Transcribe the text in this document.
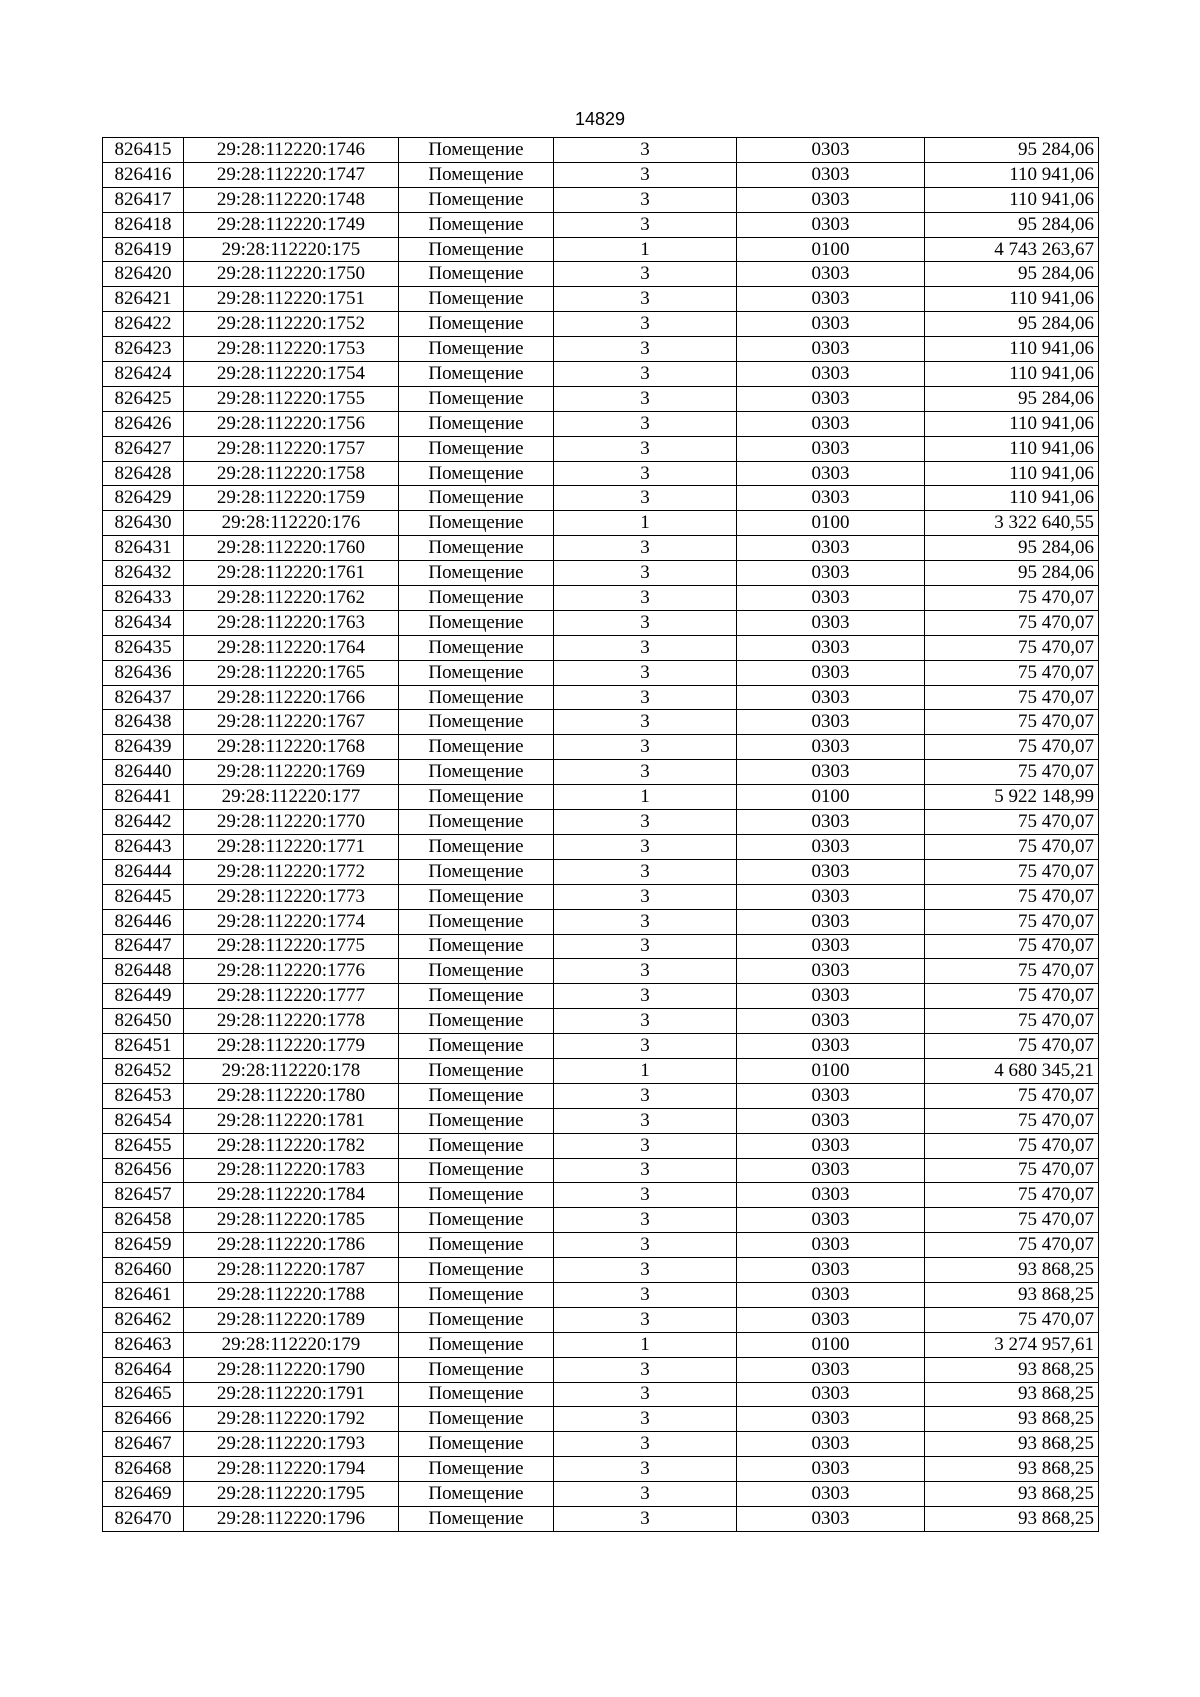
14829
826415	29:28:112220:1746	Помещение	3	0303	95 284,06
826416	29:28:112220:1747	Помещение	3	0303	110 941,06
826417	29:28:112220:1748	Помещение	3	0303	110 941,06
826418	29:28:112220:1749	Помещение	3	0303	95 284,06
826419	29:28:112220:175	Помещение	1	0100	4 743 263,67
826420	29:28:112220:1750	Помещение	3	0303	95 284,06
826421	29:28:112220:1751	Помещение	3	0303	110 941,06
826422	29:28:112220:1752	Помещение	3	0303	95 284,06
826423	29:28:112220:1753	Помещение	3	0303	110 941,06
826424	29:28:112220:1754	Помещение	3	0303	110 941,06
826425	29:28:112220:1755	Помещение	3	0303	95 284,06
826426	29:28:112220:1756	Помещение	3	0303	110 941,06
826427	29:28:112220:1757	Помещение	3	0303	110 941,06
826428	29:28:112220:1758	Помещение	3	0303	110 941,06
826429	29:28:112220:1759	Помещение	3	0303	110 941,06
826430	29:28:112220:176	Помещение	1	0100	3 322 640,55
826431	29:28:112220:1760	Помещение	3	0303	95 284,06
826432	29:28:112220:1761	Помещение	3	0303	95 284,06
826433	29:28:112220:1762	Помещение	3	0303	75 470,07
826434	29:28:112220:1763	Помещение	3	0303	75 470,07
826435	29:28:112220:1764	Помещение	3	0303	75 470,07
826436	29:28:112220:1765	Помещение	3	0303	75 470,07
826437	29:28:112220:1766	Помещение	3	0303	75 470,07
826438	29:28:112220:1767	Помещение	3	0303	75 470,07
826439	29:28:112220:1768	Помещение	3	0303	75 470,07
826440	29:28:112220:1769	Помещение	3	0303	75 470,07
826441	29:28:112220:177	Помещение	1	0100	5 922 148,99
826442	29:28:112220:1770	Помещение	3	0303	75 470,07
826443	29:28:112220:1771	Помещение	3	0303	75 470,07
826444	29:28:112220:1772	Помещение	3	0303	75 470,07
826445	29:28:112220:1773	Помещение	3	0303	75 470,07
826446	29:28:112220:1774	Помещение	3	0303	75 470,07
826447	29:28:112220:1775	Помещение	3	0303	75 470,07
826448	29:28:112220:1776	Помещение	3	0303	75 470,07
826449	29:28:112220:1777	Помещение	3	0303	75 470,07
826450	29:28:112220:1778	Помещение	3	0303	75 470,07
826451	29:28:112220:1779	Помещение	3	0303	75 470,07
826452	29:28:112220:178	Помещение	1	0100	4 680 345,21
826453	29:28:112220:1780	Помещение	3	0303	75 470,07
826454	29:28:112220:1781	Помещение	3	0303	75 470,07
826455	29:28:112220:1782	Помещение	3	0303	75 470,07
826456	29:28:112220:1783	Помещение	3	0303	75 470,07
826457	29:28:112220:1784	Помещение	3	0303	75 470,07
826458	29:28:112220:1785	Помещение	3	0303	75 470,07
826459	29:28:112220:1786	Помещение	3	0303	75 470,07
826460	29:28:112220:1787	Помещение	3	0303	93 868,25
826461	29:28:112220:1788	Помещение	3	0303	93 868,25
826462	29:28:112220:1789	Помещение	3	0303	75 470,07
826463	29:28:112220:179	Помещение	1	0100	3 274 957,61
826464	29:28:112220:1790	Помещение	3	0303	93 868,25
826465	29:28:112220:1791	Помещение	3	0303	93 868,25
826466	29:28:112220:1792	Помещение	3	0303	93 868,25
826467	29:28:112220:1793	Помещение	3	0303	93 868,25
826468	29:28:112220:1794	Помещение	3	0303	93 868,25
826469	29:28:112220:1795	Помещение	3	0303	93 868,25
826470	29:28:112220:1796	Помещение	3	0303	93 868,25
